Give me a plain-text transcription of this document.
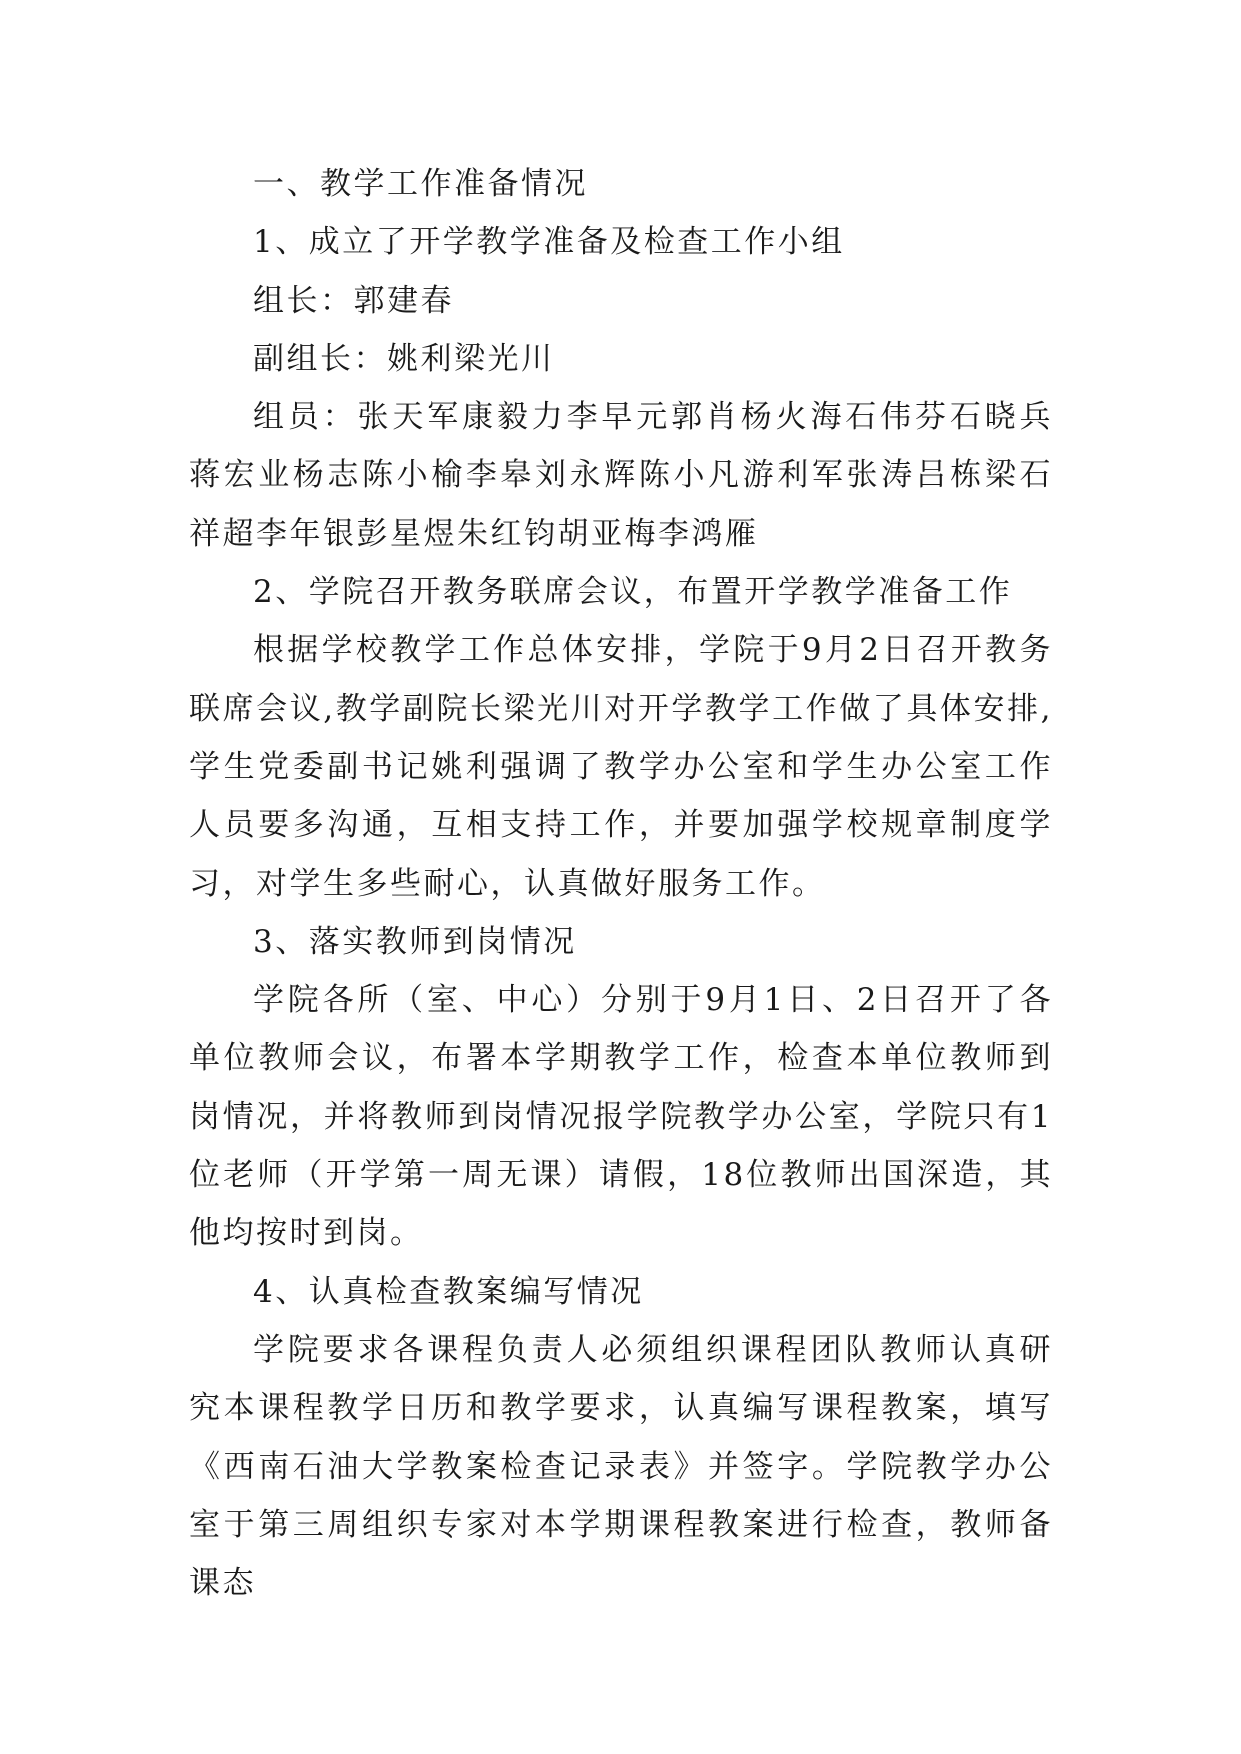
一、教学工作准备情况

1、成立了开学教学准备及检查工作小组

组长：郭建春

副组长：姚利梁光川

组员：张天军康毅力李早元郭肖杨火海石伟芬石晓兵蒋宏业杨志陈小榆李皋刘永辉陈小凡游利军张涛吕栋梁石祥超李年银彭星煜朱红钧胡亚梅李鸿雁

2、学院召开教务联席会议，布置开学教学准备工作

根据学校教学工作总体安排，学院于9月2日召开教务联席会议,教学副院长梁光川对开学教学工作做了具体安排,学生党委副书记姚利强调了教学办公室和学生办公室工作人员要多沟通，互相支持工作，并要加强学校规章制度学习，对学生多些耐心，认真做好服务工作。

3、落实教师到岗情况

学院各所（室、中心）分别于9月1日、2日召开了各单位教师会议，布署本学期教学工作，检查本单位教师到岗情况，并将教师到岗情况报学院教学办公室，学院只有1位老师（开学第一周无课）请假，18位教师出国深造，其他均按时到岗。

4、认真检查教案编写情况

学院要求各课程负责人必须组织课程团队教师认真研究本课程教学日历和教学要求，认真编写课程教案，填写《西南石油大学教案检查记录表》并签字。学院教学办公室于第三周组织专家对本学期课程教案进行检查，教师备课态
